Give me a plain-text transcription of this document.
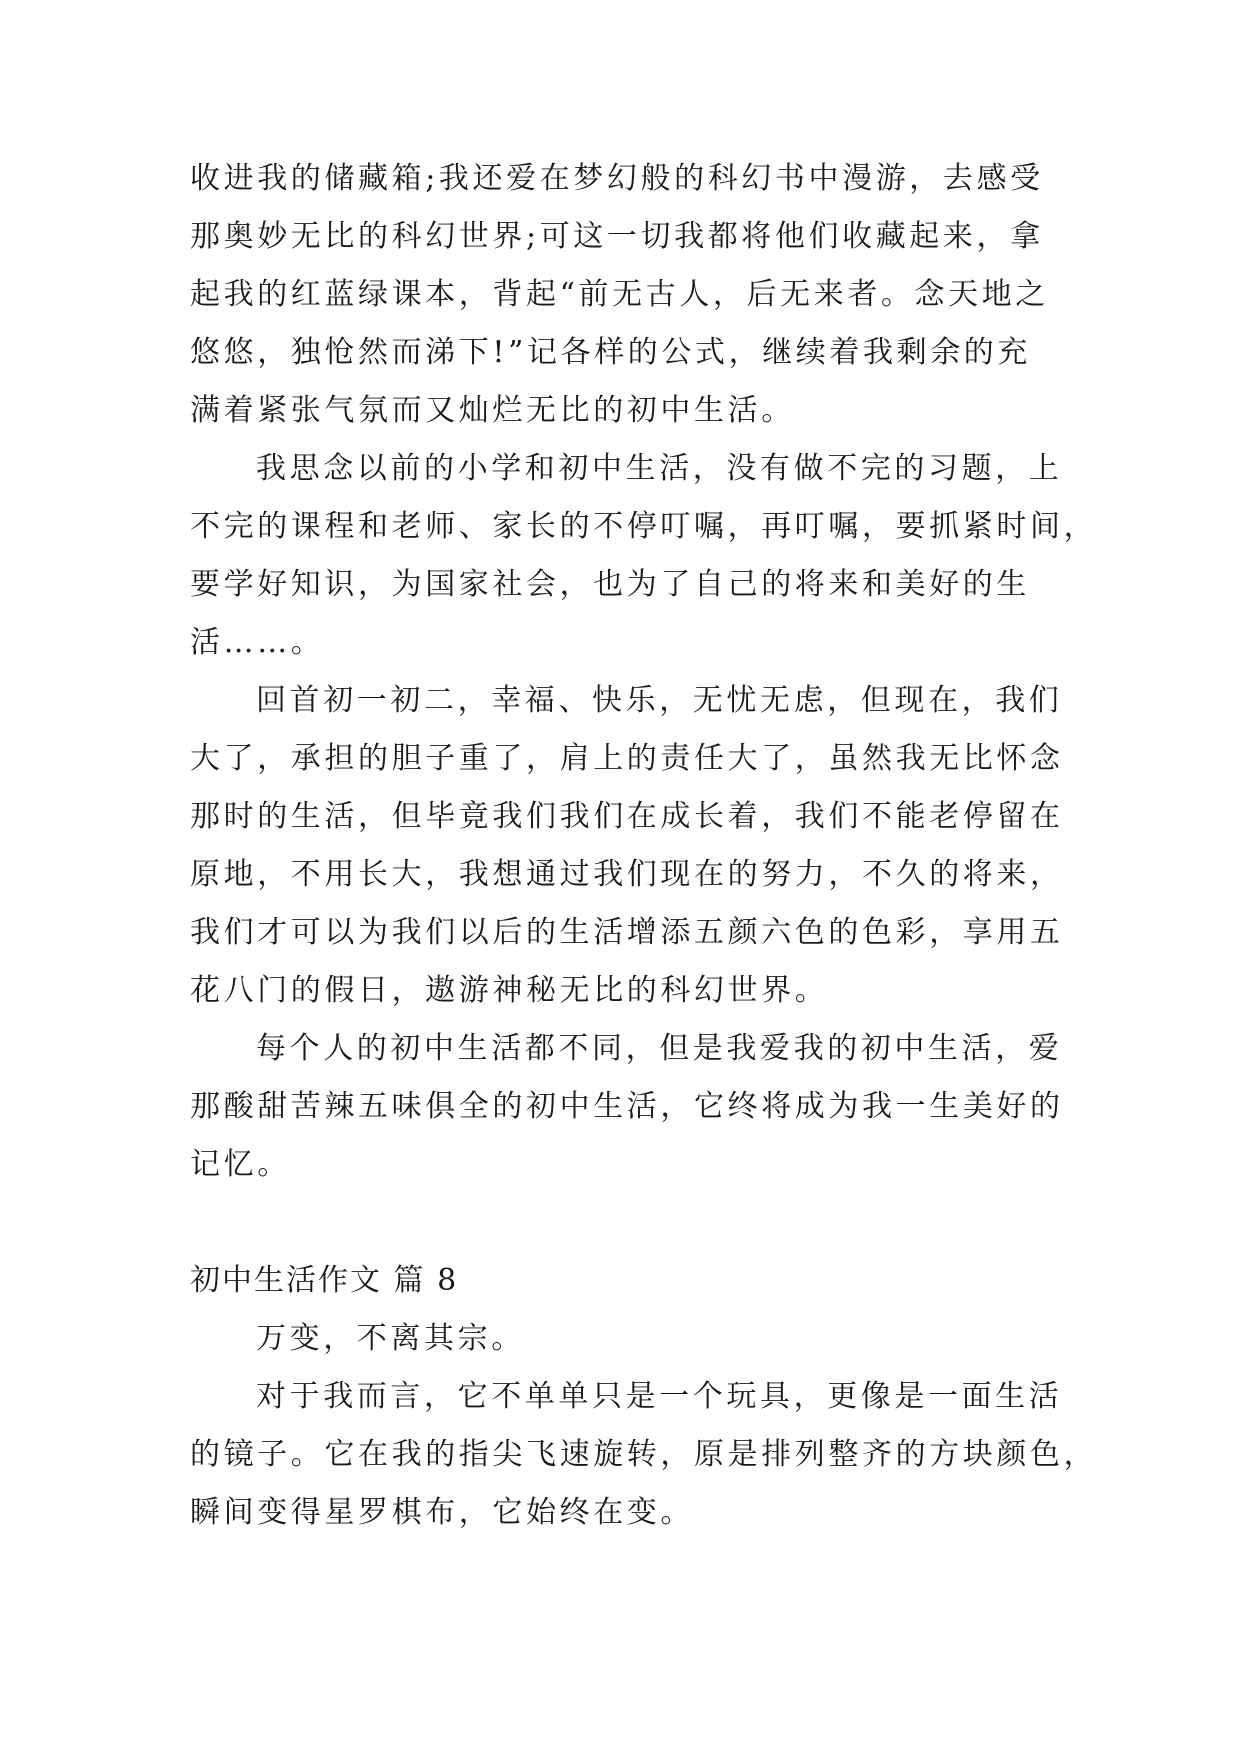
收进我的储藏箱;我还爱在梦幻般的科幻书中漫游，去感受
那奥妙无比的科幻世界;可这一切我都将他们收藏起来，拿
起我的红蓝绿课本，背起“前无古人，后无来者。念天地之
悠悠，独怆然而涕下!”记各样的公式，继续着我剩余的充
满着紧张气氛而又灿烂无比的初中生活。
我思念以前的小学和初中生活，没有做不完的习题，上
不完的课程和老师、家长的不停叮嘱，再叮嘱，要抓紧时间，
要学好知识，为国家社会，也为了自己的将来和美好的生
活……。
回首初一初二，幸福、快乐，无忧无虑，但现在，我们
大了，承担的胆子重了，肩上的责任大了，虽然我无比怀念
那时的生活，但毕竟我们我们在成长着，我们不能老停留在
原地，不用长大，我想通过我们现在的努力，不久的将来，
我们才可以为我们以后的生活增添五颜六色的色彩，享用五
花八门的假日，遨游神秘无比的科幻世界。
每个人的初中生活都不同，但是我爱我的初中生活，爱
那酸甜苦辣五味俱全的初中生活，它终将成为我一生美好的
记忆。
初中生活作文 篇 8
万变，不离其宗。
对于我而言，它不单单只是一个玩具，更像是一面生活
的镜子。它在我的指尖飞速旋转，原是排列整齐的方块颜色，
瞬间变得星罗棋布，它始终在变。
